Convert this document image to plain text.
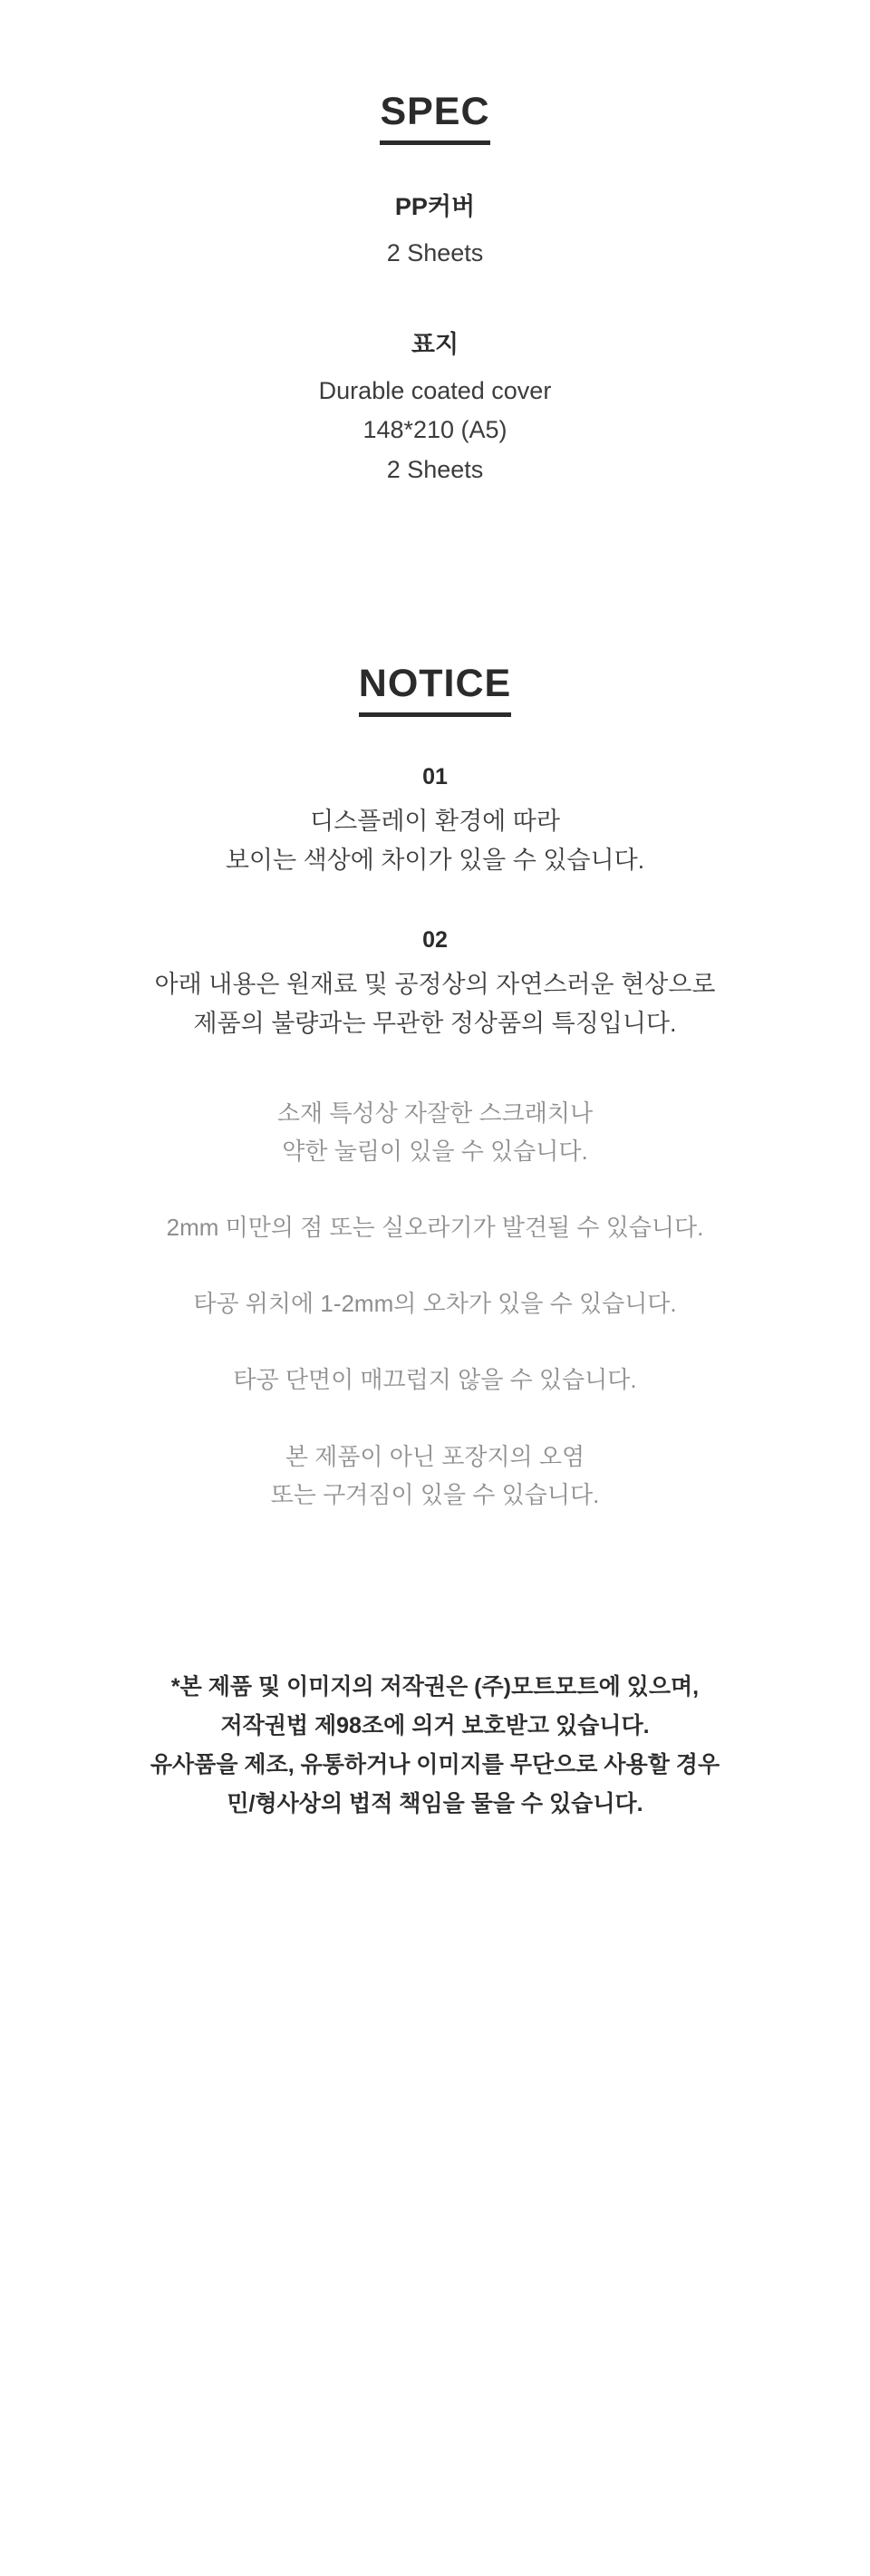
SPEC
PP커버
2 Sheets
표지
Durable coated cover
148*210 (A5)
2 Sheets
NOTICE
01
디스플레이 환경에 따라
보이는 색상에 차이가 있을 수 있습니다.
02
아래 내용은 원재료 및 공정상의 자연스러운 현상으로
제품의 불량과는 무관한 정상품의 특징입니다.
소재 특성상 자잘한 스크래치나
약한 눌림이 있을 수 있습니다.
2mm 미만의 점 또는 실오라기가 발견될 수 있습니다.
타공 위치에 1-2mm의 오차가 있을 수 있습니다.
타공 단면이 매끄럽지 않을 수 있습니다.
본 제품이 아닌 포장지의 오염
또는 구겨짐이 있을 수 있습니다.
*본 제품 및 이미지의 저작권은 (주)모트모트에 있으며,
저작권법 제98조에 의거 보호받고 있습니다.
유사품을 제조, 유통하거나 이미지를 무단으로 사용할 경우
민/형사상의 법적 책임을 물을 수 있습니다.
